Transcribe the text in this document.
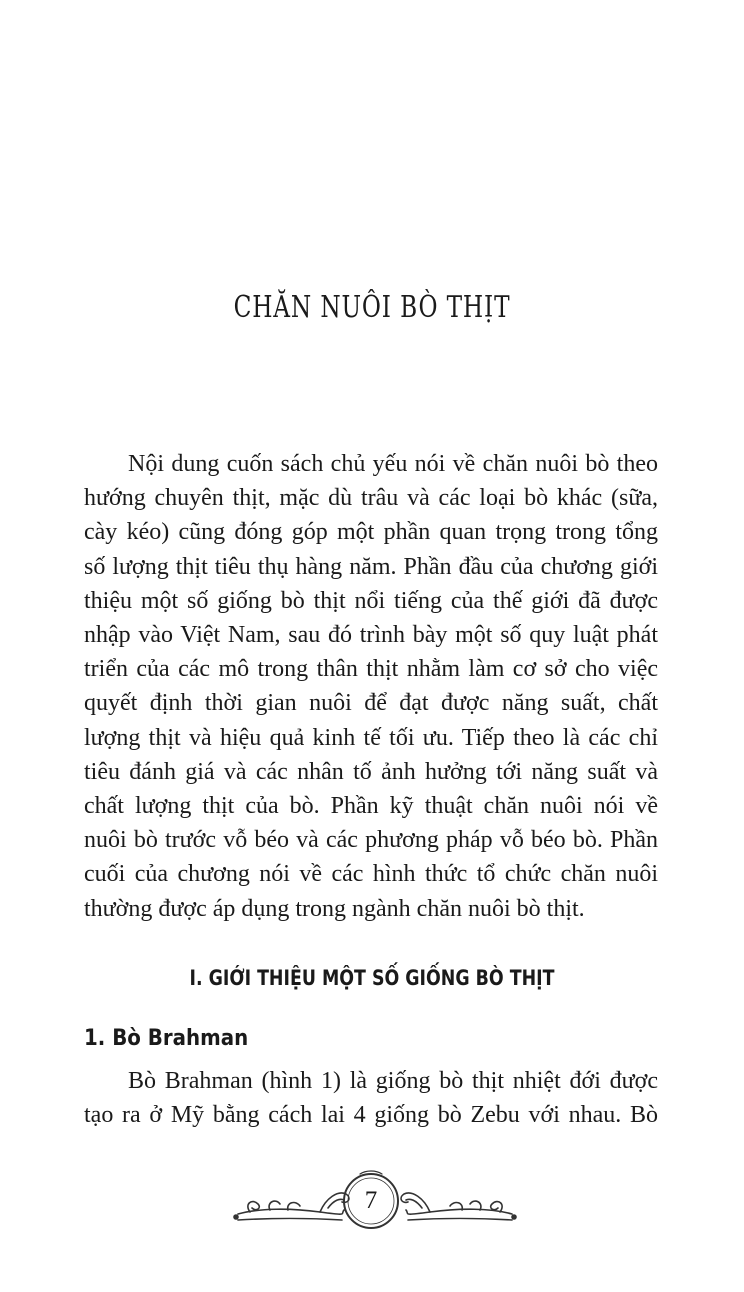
CHĂN NUÔI BÒ THỊT
Nội dung cuốn sách chủ yếu nói về chăn nuôi bò theo
hướng chuyên thịt, mặc dù trâu và các loại bò khác (sữa,
cày kéo) cũng đóng góp một phần quan trọng trong tổng
số lượng thịt tiêu thụ hàng năm. Phần đầu của chương giới
thiệu một số giống bò thịt nổi tiếng của thế giới đã được
nhập vào Việt Nam, sau đó trình bày một số quy luật phát
triển của các mô trong thân thịt nhằm làm cơ sở cho việc
quyết định thời gian nuôi để đạt được năng suất, chất
lượng thịt và hiệu quả kinh tế tối ưu. Tiếp theo là các chỉ
tiêu đánh giá và các nhân tố ảnh hưởng tới năng suất và
chất lượng thịt của bò. Phần kỹ thuật chăn nuôi nói về
nuôi bò trước vỗ béo và các phương pháp vỗ béo bò. Phần
cuối của chương nói về các hình thức tổ chức chăn nuôi
thường được áp dụng trong ngành chăn nuôi bò thịt.
I. GIỚI THIỆU MỘT SỐ GIỐNG BÒ THỊT
1. Bò Brahman
Bò Brahman (hình 1) là giống bò thịt nhiệt đới được
tạo ra ở Mỹ bằng cách lai 4 giống bò Zebu với nhau. Bò
7
